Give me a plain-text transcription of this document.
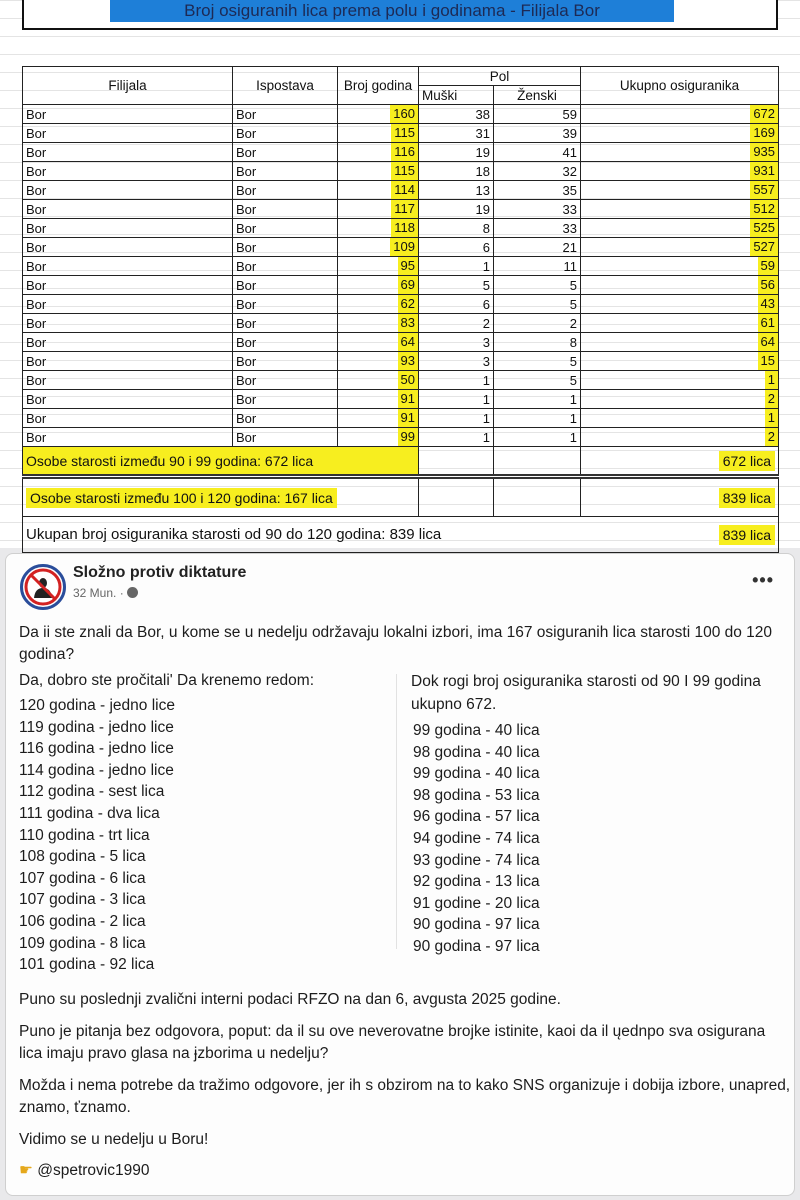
Broj osiguranih lica prema polu i godinama - Filijala Bor
Filijala	Ispostava	Broj godina	Pol		Ukupno osiguranika
			Muški	Ženski	
Bor	Bor	160	38	59	672
Bor	Bor	115	31	39	169
Bor	Bor	116	19	41	935
Bor	Bor	115	18	32	931
Bor	Bor	114	13	35	557
Bor	Bor	117	19	33	512
Bor	Bor	118	8	33	525
Bor	Bor	109	6	21	527
Bor	Bor	95	1	11	59
Bor	Bor	69	5	5	56
Bor	Bor	62	6	5	43
Bor	Bor	83	2	2	61
Bor	Bor	64	3	8	64
Bor	Bor	93	3	5	15
Bor	Bor	50	1	5	1
Bor	Bor	91	1	1	2
Bor	Bor	91	1	1	1
Bor	Bor	99	1	1	2
Osobe starosti između 90 i 99 godina: 672 lica					672 lica
Osobe starosti između 100 i 120 godina: 167 lica					839 lica
Ukupan broj osiguranika starosti od 90 do 120 godina: 839 lica					839 lica
Složno protiv diktature
32 Mun. ·
•••
Da ii ste znali da Bor, u kome se u nedelju održavaju lokalni izbori, ima 167 osiguranih lica starosti 100 do 120 godina?
Da, dobro ste pročitali' Da krenemo redom:
120 godina - jedno lice
119 godina - jedno lice
116 godina - jedno lice
114 godina - jedno lice
112 godina - sest lica
111 godina - dva lica
110 godina - trt lica
108 godina - 5 lica
107 godina - 6 lica
107 godina - 3 lica
106 godina - 2 lica
109 godina - 8 lica
101 godina - 92 lica
Dok rogi broj osiguranika starosti od 90 I 99 godina ukupno 672.
99 godina - 40 lica
98 godina - 40 lica
99 godina - 40 lica
98 godina - 53 lica
96 godina - 57 lica
94 godine - 74 lica
93 godine - 74 lica
92 godina - 13 lica
91 godine - 20 lica
90 godina - 97 lica
90 godina - 97 lica
Puno su poslednji zvalični interni podaci RFZO na dan 6, avgusta 2025 godine.
Puno je pitanja bez odgovora, poput: da il su ove neverovatne brojke istinite, kaoi da il ųednpo sva osigurana lica imaju pravo glasa na ɉzborima u nedelju?
Možda i nema potrebe da tražimo odgovore, jer ih s obzirom na to kako SNS organizuje i dobija izbore, unapred, znamo, ťznamo.
Vidimo se u nedelju u Boru!
☛ @spetrovic1990
